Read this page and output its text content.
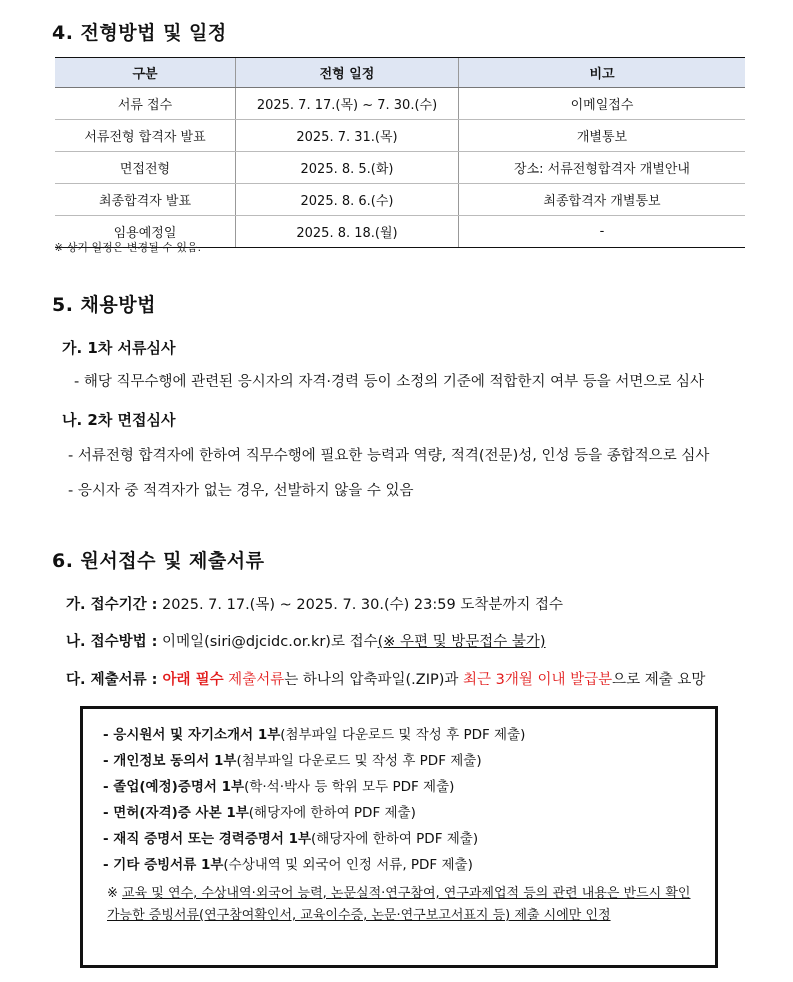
4. 전형방법 및 일정
구분	전형 일정	비고
서류 접수	2025. 7. 17.(목) ~ 7. 30.(수)	이메일접수
서류전형 합격자 발표	2025. 7. 31.(목)	개별통보
면접전형	2025. 8. 5.(화)	장소: 서류전형합격자 개별안내
최종합격자 발표	2025. 8. 6.(수)	최종합격자 개별통보
임용예정일	2025. 8. 18.(월)	-
※ 상기 일정은 변경될 수 있음.
5. 채용방법
가. 1차 서류심사
- 해당 직무수행에 관련된 응시자의 자격·경력 등이 소정의 기준에 적합한지 여부 등을 서면으로 심사
나. 2차 면접심사
- 서류전형 합격자에 한하여 직무수행에 필요한 능력과 역량, 적격(전문)성, 인성 등을 종합적으로 심사
- 응시자 중 적격자가 없는 경우, 선발하지 않을 수 있음
6. 원서접수 및 제출서류
가. 접수기간 : 2025. 7. 17.(목) ~ 2025. 7. 30.(수) 23:59 도착분까지 접수
나. 접수방법 : 이메일(siri@djcidc.or.kr)로 접수(※ 우편 및 방문접수 불가)
다. 제출서류 : 아래 필수 제출서류는 하나의 압축파일(.ZIP)과 최근 3개월 이내 발급분으로 제출 요망
- 응시원서 및 자기소개서 1부(첨부파일 다운로드 및 작성 후 PDF 제출)
- 개인정보 동의서 1부(첨부파일 다운로드 및 작성 후 PDF 제출)
- 졸업(예정)증명서 1부(학·석·박사 등 학위 모두 PDF 제출)
- 면허(자격)증 사본 1부(해당자에 한하여 PDF 제출)
- 재직 증명서 또는 경력증명서 1부(해당자에 한하여 PDF 제출)
- 기타 증빙서류 1부(수상내역 및 외국어 인정 서류, PDF 제출)
※ 교육 및 연수, 수상내역·외국어 능력, 논문실적·연구참여, 연구과제업적 등의 관련 내용은 반드시 확인 가능한 증빙서류(연구참여확인서, 교육이수증, 논문·연구보고서표지 등) 제출 시에만 인정
